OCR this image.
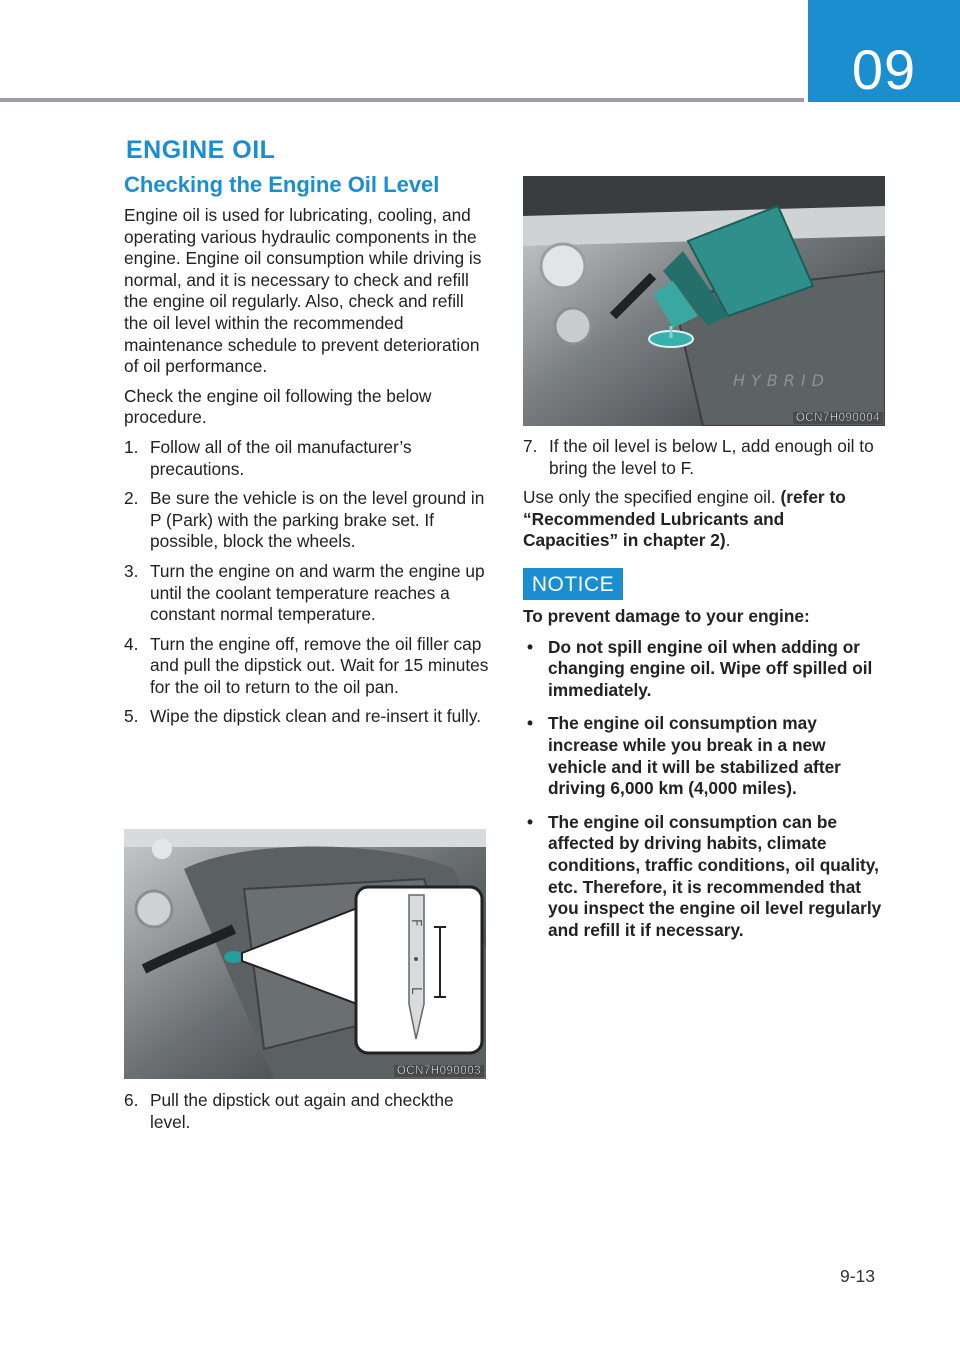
09
ENGINE OIL
Checking the Engine Oil Level

Engine oil is used for lubricating, cooling, and operating various hydraulic components in the engine. Engine oil consumption while driving is normal, and it is necessary to check and refill the engine oil regularly. Also, check and refill the oil level within the recommended maintenance schedule to prevent deterioration of oil performance.

Check the engine oil following the below procedure.

1. Follow all of the oil manufacturer’s precautions.
2. Be sure the vehicle is on the level ground in P (Park) with the parking brake set. If possible, block the wheels.
3. Turn the engine on and warm the engine up until the coolant temperature reaches a constant normal temperature.
4. Turn the engine off, remove the oil filler cap and pull the dipstick out. Wait for 15 minutes for the oil to return to the oil pan.
5. Wipe the dipstick clean and re-insert it fully.
F
L
OCN7H090003
6. Pull the dipstick out again and checkthe level.
HYBRID
OCN7H090004
7. If the oil level is below L, add enough oil to bring the level to F.

Use only the specified engine oil. (refer to “Recommended Lubricants and Capacities” in chapter 2).

NOTICE

To prevent damage to your engine:

• Do not spill engine oil when adding or changing engine oil. Wipe off spilled oil immediately.
• The engine oil consumption may increase while you break in a new vehicle and it will be stabilized after driving 6,000 km (4,000 miles).
• The engine oil consumption can be affected by driving habits, climate conditions, traffic conditions, oil quality, etc. Therefore, it is recommended that you inspect the engine oil level regularly and refill it if necessary.
9-13
